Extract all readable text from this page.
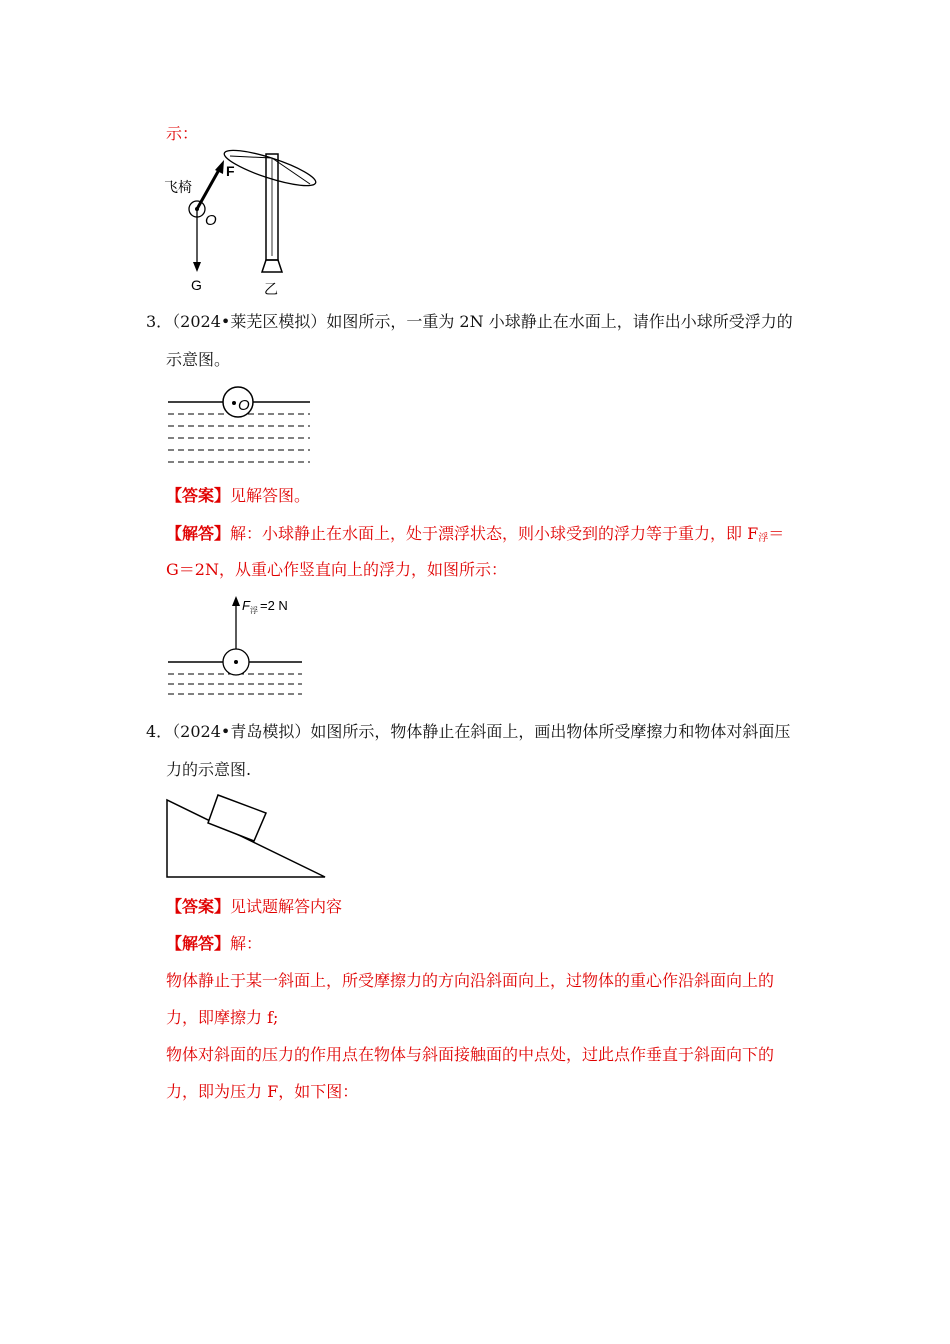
示：
飞椅
F
O
G	乙
3．（2024•莱芜区模拟）如图所示，一重为 2N 小球静止在水面上，请作出小球所受浮力的
示意图。
O
【答案】见解答图。
【解答】解：小球静止在水面上，处于漂浮状态，则小球受到的浮力等于重力，即 $F_浮=$
G＝2N，从重心作竖直向上的浮力，如图所示：
F 浮 =2 N
4．（2024•青岛模拟）如图所示，物体静止在斜面上，画出物体所受摩擦力和物体对斜面压
力的示意图.
【答案】见试题解答内容
【解答】解：
物体静止于某一斜面上，所受摩擦力的方向沿斜面向上，过物体的重心作沿斜面向上的
力，即摩擦力 f;
物体对斜面的压力的作用点在物体与斜面接触面的中点处，过此点作垂直于斜面向下的
力，即为压力 F，如下图：
